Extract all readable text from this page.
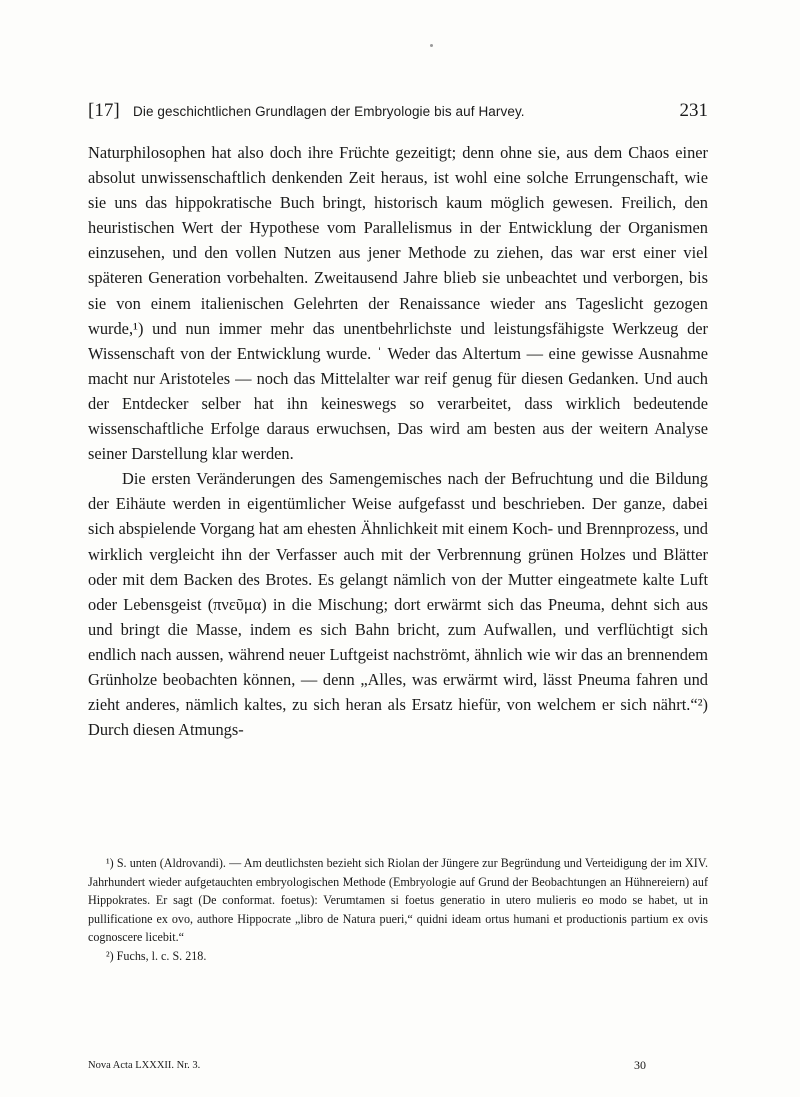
[17] Die geschichtlichen Grundlagen der Embryologie bis auf Harvey.	231

Naturphilosophen hat also doch ihre Früchte gezeitigt; denn ohne sie, aus dem Chaos einer absolut unwissenschaftlich denkenden Zeit heraus, ist wohl eine solche Errungenschaft, wie sie uns das hippokratische Buch bringt, historisch kaum möglich gewesen. Freilich, den heuristischen Wert der Hypothese vom Parallelismus in der Entwicklung der Organismen einzusehen, und den vollen Nutzen aus jener Methode zu ziehen, das war erst einer viel späteren Generation vorbehalten. Zweitausend Jahre blieb sie unbeachtet und verborgen, bis sie von einem italienischen Gelehrten der Renaissance wieder ans Tageslicht gezogen wurde,¹) und nun immer mehr das unentbehrlichste und leistungsfähigste Werkzeug der Wissenschaft von der Entwicklung wurde. ˈ Weder das Altertum — eine gewisse Ausnahme macht nur Aristoteles — noch das Mittelalter war reif genug für diesen Gedanken. Und auch der Entdecker selber hat ihn keineswegs so verarbeitet, dass wirklich bedeutende wissenschaftliche Erfolge daraus erwuchsen, Das wird am besten aus der weitern Analyse seiner Darstellung klar werden.

Die ersten Veränderungen des Samengemisches nach der Befruchtung und die Bildung der Eihäute werden in eigentümlicher Weise aufgefasst und beschrieben. Der ganze, dabei sich abspielende Vorgang hat am ehesten Ähnlichkeit mit einem Koch- und Brennprozess, und wirklich vergleicht ihn der Verfasser auch mit der Verbrennung grünen Holzes und Blätter oder mit dem Backen des Brotes. Es gelangt nämlich von der Mutter eingeatmete kalte Luft oder Lebensgeist (πνεῦμα) in die Mischung; dort erwärmt sich das Pneuma, dehnt sich aus und bringt die Masse, indem es sich Bahn bricht, zum Aufwallen, und verflüchtigt sich endlich nach aussen, während neuer Luftgeist nachströmt, ähnlich wie wir das an brennendem Grünholze beobachten können, — denn „Alles, was erwärmt wird, lässt Pneuma fahren und zieht anderes, nämlich kaltes, zu sich heran als Ersatz hiefür, von welchem er sich nährt.“²) Durch diesen Atmungs-

¹) S. unten (Aldrovandi). — Am deutlichsten bezieht sich Riolan der Jüngere zur Begründung und Verteidigung der im XIV. Jahrhundert wieder aufgetauchten embryologischen Methode (Embryologie auf Grund der Beobachtungen an Hühnereiern) auf Hippokrates. Er sagt (De conformat. foetus): Verumtamen si foetus generatio in utero mulieris eo modo se habet, ut in pullificatione ex ovo, authore Hippocrate „libro de Natura pueri,“ quidni ideam ortus humani et productionis partium ex ovis cognoscere licebit.“

²) Fuchs, l. c. S. 218.

Nova Acta LXXXII. Nr. 3.	30
